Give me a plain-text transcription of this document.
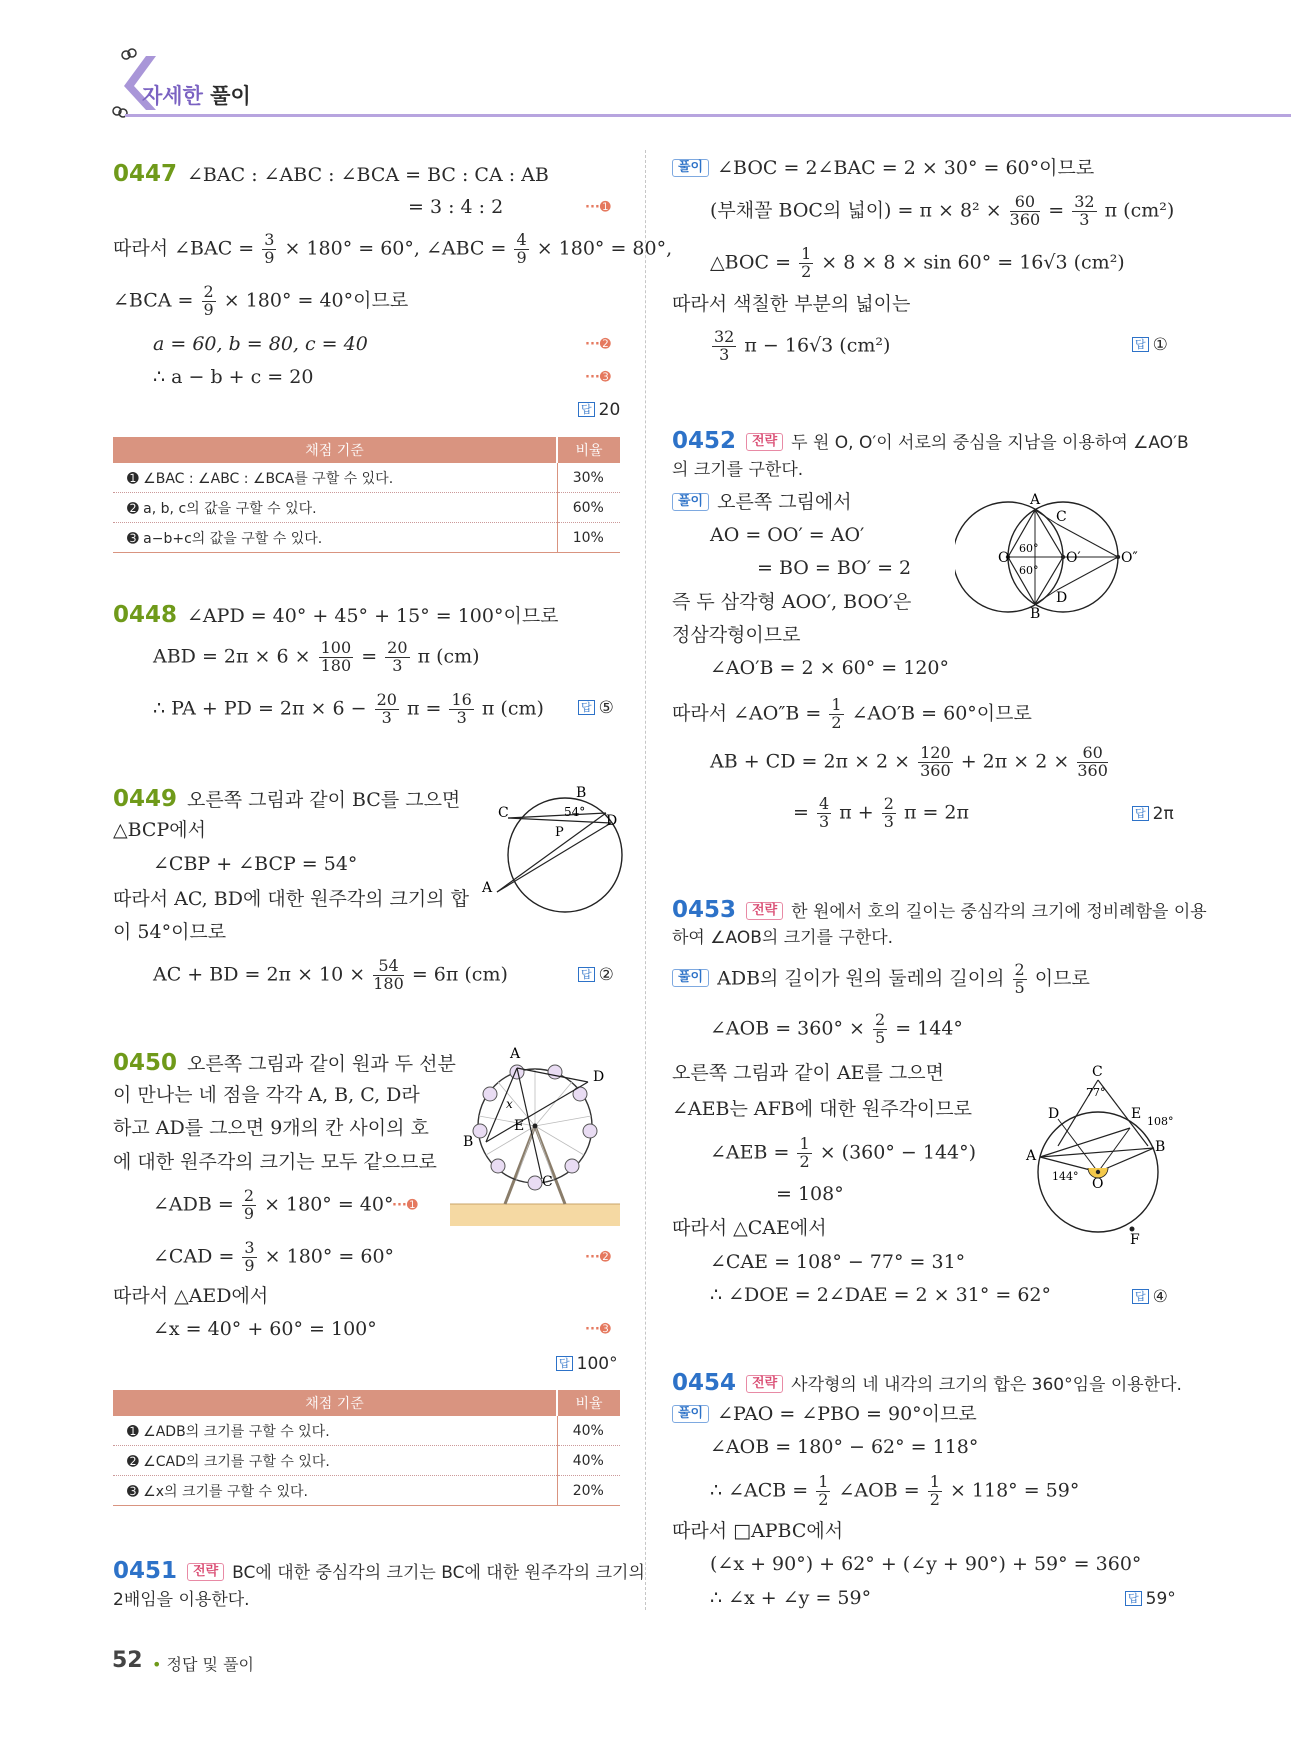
자세한 풀이
0447 ∠BAC : ∠ABC : ∠BCA = BC : CA : AB
= 3 : 4 : 2	···➊
따라서 ∠BAC = $\frac{3}{9} \times 180^\circ = 60^\circ$, ∠ABC = $\frac{4}{9} \times 180^\circ = 80^\circ$,
∠BCA = $\frac{2}{9} \times 180^\circ = 40^\circ$이므로
a = 60, b = 80, c = 40	···➋
∴ a − b + c = 20	···➌
답 20
채점 기준	비율
➊ ∠BAC : ∠ABC : ∠BCA를 구할 수 있다.	30%
➋ a, b, c의 값을 구할 수 있다.	60%
➌ a−b+c의 값을 구할 수 있다.	10%
0448 ∠APD = 40° + 45° + 15° = 100°이므로
ABD = $2\pi \times 6 \times \frac{100}{180} = \frac{20}{3}$ π (cm)
∴ PA + PD = $2\pi \times 6 - \frac{20}{3}$ $\pi = \frac{16}{3}$ π (cm)	답 ⑤
0449 오른쪽 그림과 같이 BC를 그으면
△BCP에서
∠CBP + ∠BCP = 54°
따라서 AC, BD에 대한 원주각의 크기의 합
이 54°이므로
AC + BD = $2\pi \times 10 \times \frac{54}{180} = 6\pi$ (cm)	답 ②
B
C	D
P
A
54°
0450 오른쪽 그림과 같이 원과 두 선분
이 만나는 네 점을 각각 A, B, C, D라
하고 AD를 그으면 9개의 칸 사이의 호
에 대한 원주각의 크기는 모두 같으므로
∠ADB = $\frac{2}{9} \times 180^\circ = 40^\circ$
···➊
∠CAD = $\frac{3}{9} \times 180^\circ = 60^\circ$	···➋
따라서 △AED에서
∠x = 40° + 60° = 100°	···➌
답 100°
A
D
B
E
C
x
채점 기준	비율
➊ ∠ADB의 크기를 구할 수 있다.	40%
➋ ∠CAD의 크기를 구할 수 있다.	40%
➌ ∠x의 크기를 구할 수 있다.	20%
0451 전략 BC에 대한 중심각의 크기는 BC에 대한 원주각의 크기의
2배임을 이용한다.
52 • 정답 및 풀이
풀이 ∠BOC = 2∠BAC = 2 × 30° = 60°이므로
(부채꼴 BOC의 넓이) = $\pi \times 8^2 \times \frac{60}{360} = \frac{32}{3}$ π (cm²)
△BOC = $\frac{1}{2} \times 8 \times 8 \times \sin 60^\circ = 16√3$ (cm²)
따라서 색칠한 부분의 넓이는
$\frac{32}{3}$ π − 16√3 (cm²)	답 ①
0452 전략 두 원 O, O′이 서로의 중심을 지남을 이용하여 ∠AO′B
의 크기를 구한다.
풀이 오른쪽 그림에서
AO = OO′ = AO′
= BO = BO′ = 2
즉 두 삼각형 AOO′, BOO′은
정삼각형이므로
∠AO′B = 2 × 60° = 120°
따라서 ∠AO″B = $\frac{1}{2}$ ∠AO′B = 60°이므로
AB + CD = $2\pi \times 2 \times \frac{120}{360} + 2\pi \times 2 \times \frac{60}{360}$
= $\frac{4}{3}$ $\pi + \frac{2}{3}$ π = 2π	답 2π
A
B
C
D
O	O′	O″
60°
60°
0453 전략 한 원에서 호의 길이는 중심각의 크기에 정비례함을 이용
하여 ∠AOB의 크기를 구한다.
풀이 ADB의 길이가 원의 둘레의 길이의 $\frac{2}{5}$ 이므로
∠AOB = $360^\circ \times \frac{2}{5} = 144^\circ$
오른쪽 그림과 같이 AE를 그으면
∠AEB는 AFB에 대한 원주각이므로
∠AEB = $\frac{1}{2} \times (360^\circ - 144^\circ)$
= 108°
따라서 △CAE에서
∠CAE = 108° − 77° = 31°
∴ ∠DOE = 2∠DAE = 2 × 31° = 62°	답 ④
C
D	E
A
B
O
F
77°
108°
144°
0454 전략 사각형의 네 내각의 크기의 합은 360°임을 이용한다.
풀이 ∠PAO = ∠PBO = 90°이므로
∠AOB = 180° − 62° = 118°
∴ ∠ACB = $\frac{1}{2}$ ∠AOB = $\frac{1}{2} \times 118^\circ = 59^\circ$
따라서 □APBC에서
(∠x + 90°) + 62° + (∠y + 90°) + 59° = 360°
∴ ∠x + ∠y = 59°	답 59°
